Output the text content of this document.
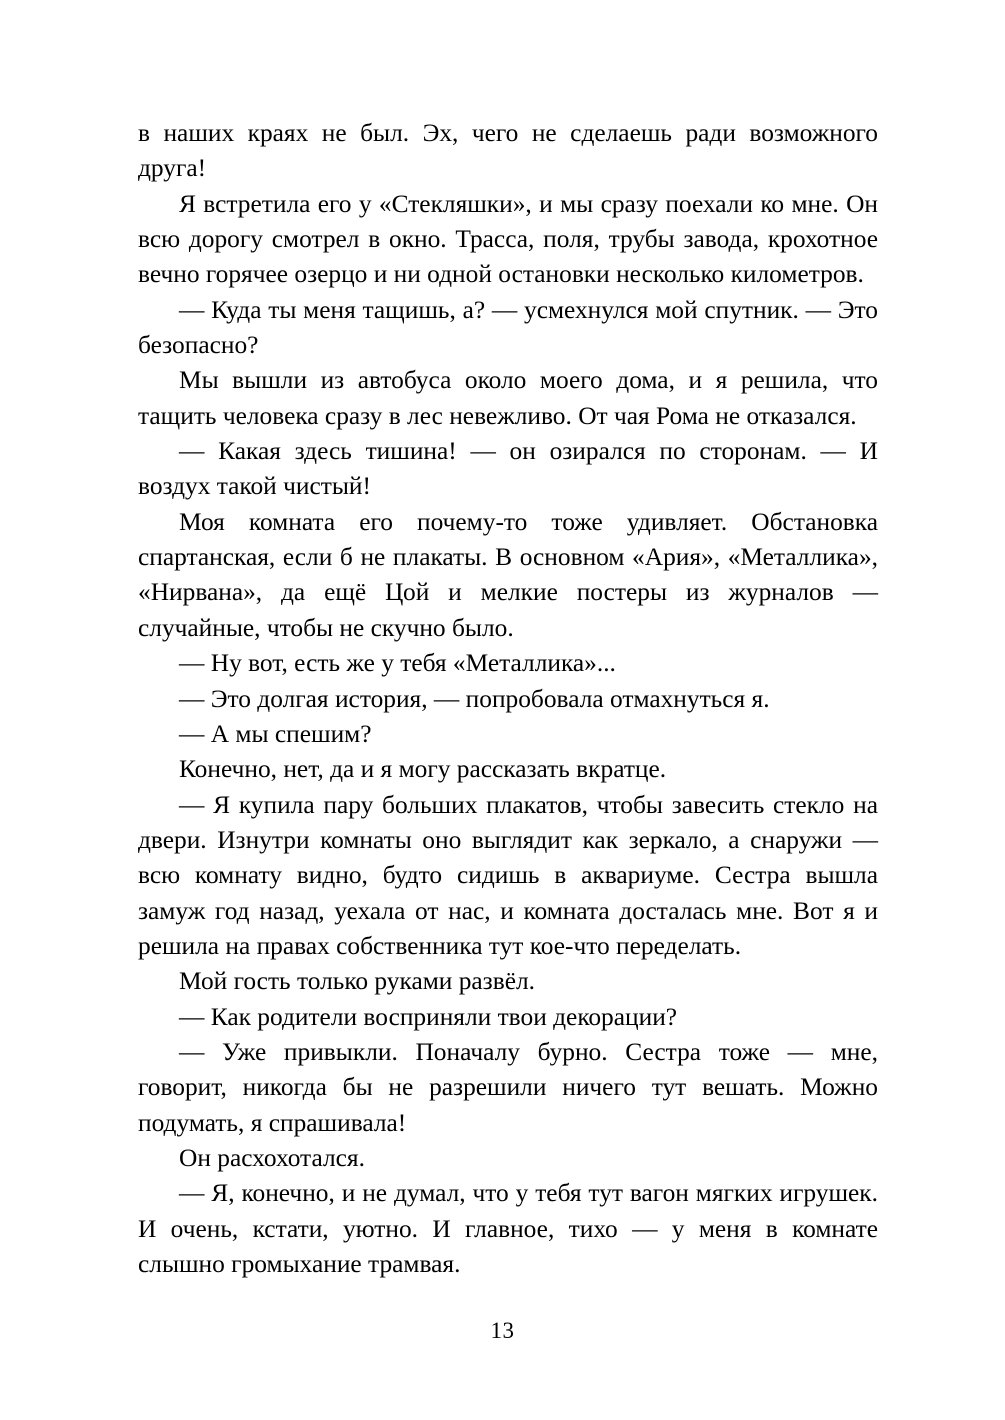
в наших краях не был. Эх, чего не сделаешь ради возможного друга!

Я встретила его у «Стекляшки», и мы сразу поехали ко мне. Он всю дорогу смотрел в окно. Трасса, поля, трубы завода, крохотное вечно горячее озерцо и ни одной остановки несколько километров.

— Куда ты меня тащишь, а? — усмехнулся мой спутник. — Это безопасно?

Мы вышли из автобуса около моего дома, и я решила, что тащить человека сразу в лес невежливо. От чая Рома не отказался.

— Какая здесь тишина! — он озирался по сторонам. — И воздух такой чистый!

Моя комната его почему-то тоже удивляет. Обстановка спартанская, если б не плакаты. В основном «Ария», «Металлика», «Нирвана», да ещё Цой и мелкие постеры из журналов — случайные, чтобы не скучно было.

— Ну вот, есть же у тебя «Металлика»...

— Это долгая история, — попробовала отмахнуться я.

— А мы спешим?

Конечно, нет, да и я могу рассказать вкратце.

— Я купила пару больших плакатов, чтобы завесить стекло на двери. Изнутри комнаты оно выглядит как зеркало, а снаружи — всю комнату видно, будто сидишь в аквариуме. Сестра вышла замуж год назад, уехала от нас, и комната досталась мне. Вот я и решила на правах собственника тут кое-что переделать.

Мой гость только руками развёл.

— Как родители восприняли твои декорации?

— Уже привыкли. Поначалу бурно. Сестра тоже — мне, говорит, никогда бы не разрешили ничего тут вешать. Можно подумать, я спрашивала!

Он расхохотался.

— Я, конечно, и не думал, что у тебя тут вагон мягких игрушек. И очень, кстати, уютно. И главное, тихо — у меня в комнате слышно громыхание трамвая.

13
